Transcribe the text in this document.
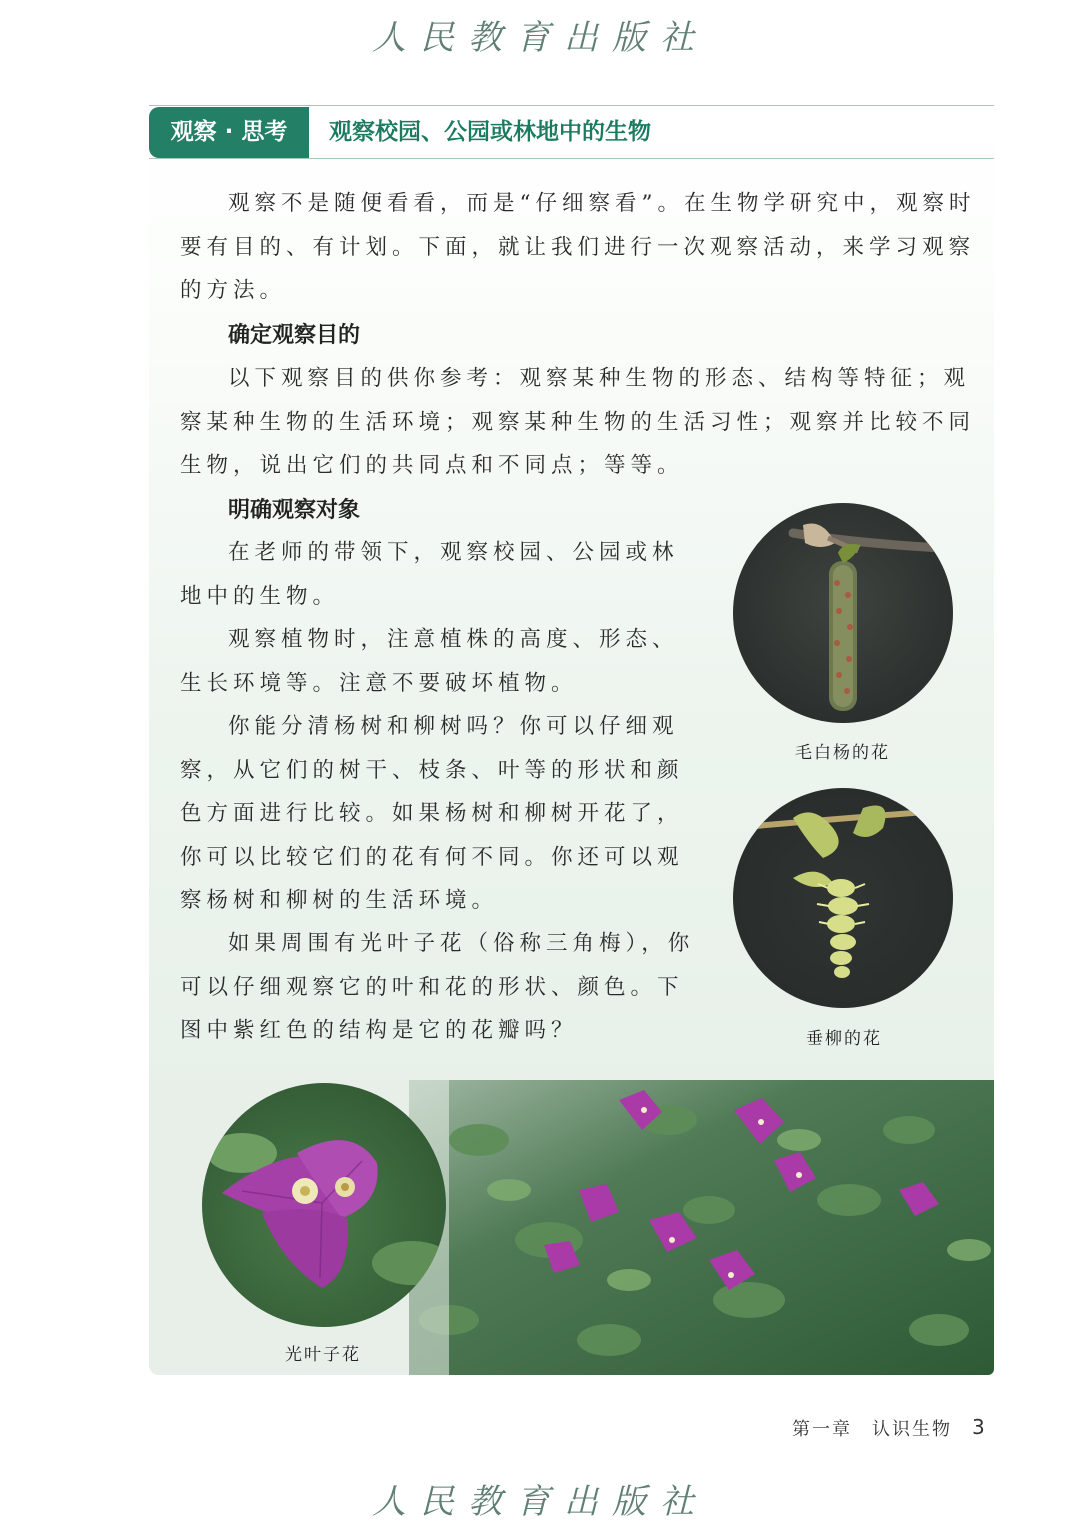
人民教育出版社
观察 · 思考	观察校园、公园或林地中的生物

观察不是随便看看，而是“仔细察看”。在生物学研究中，观察时要有目的、有计划。下面，就让我们进行一次观察活动，来学习观察的方法。

确定观察目的

以下观察目的供你参考：观察某种生物的形态、结构等特征；观察某种生物的生活环境；观察某种生物的生活习性；观察并比较不同生物，说出它们的共同点和不同点；等等。

明确观察对象

在老师的带领下，观察校园、公园或林地中的生物。

观察植物时，注意植株的高度、形态、生长环境等。注意不要破坏植物。

你能分清杨树和柳树吗？你可以仔细观察，从它们的树干、枝条、叶等的形状和颜色方面进行比较。如果杨树和柳树开花了，你可以比较它们的花有何不同。你还可以观察杨树和柳树的生活环境。

如果周围有光叶子花（俗称三角梅），你可以仔细观察它的叶和花的形状、颜色。下图中紫红色的结构是它的花瓣吗？

毛白杨的花
垂柳的花
光叶子花
第一章　认识生物 3
人民教育出版社
